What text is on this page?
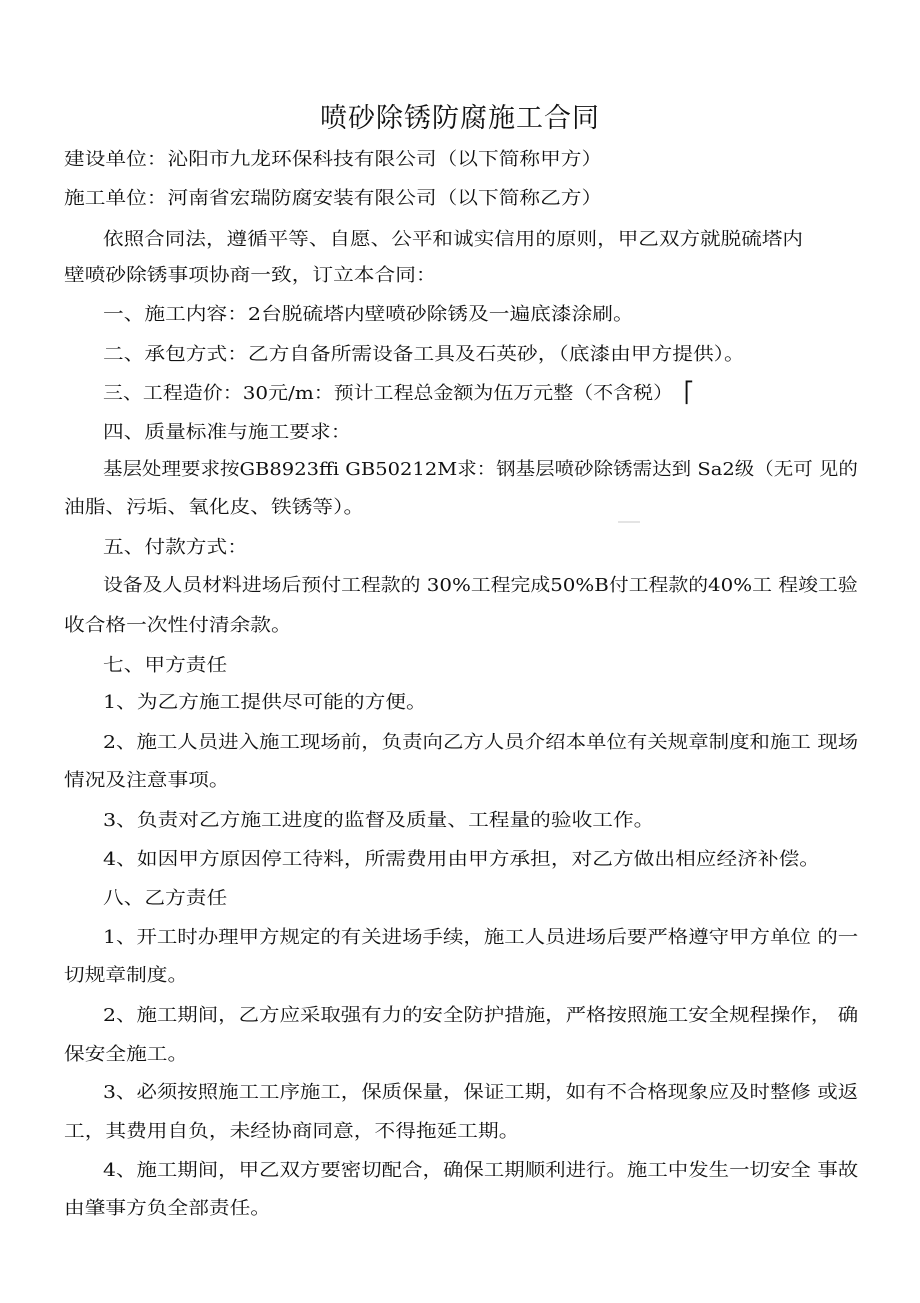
喷砂除锈防腐施工合同
建设单位：沁阳市九龙环保科技有限公司（以下简称甲方）
施工单位：河南省宏瑞防腐安装有限公司（以下简称乙方）
依照合同法，遵循平等、自愿、公平和诚实信用的原则，甲乙双方就脱硫塔内
壁喷砂除锈事项协商一致，订立本合同：
一、施工内容：2台脱硫塔内壁喷砂除锈及一遍底漆涂刷。
二、承包方式：乙方自备所需设备工具及石英砂，（底漆由甲方提供）。
三、工程造价：30元/m：预计工程总金额为伍万元整（不含税） ⎡
四、质量标准与施工要求：
基层处理要求按GB8923ffi GB50212M求：钢基层喷砂除锈需达到 Sa2级（无可 见的
油脂、污垢、氧化皮、铁锈等）。
五、付款方式：
设备及人员材料进场后预付工程款的 30%工程完成50%B付工程款的40%工 程竣工验
收合格一次性付清余款。
七、甲方责任
1、为乙方施工提供尽可能的方便。
2、施工人员进入施工现场前，负责向乙方人员介绍本单位有关规章制度和施工 现场
情况及注意事项。
3、负责对乙方施工进度的监督及质量、工程量的验收工作。
4、如因甲方原因停工待料，所需费用由甲方承担，对乙方做出相应经济补偿。
八、乙方责任
1、开工时办理甲方规定的有关进场手续，施工人员进场后要严格遵守甲方单位 的一
切规章制度。
2、施工期间，乙方应采取强有力的安全防护措施，严格按照施工安全规程操作， 确
保安全施工。
3、必须按照施工工序施工，保质保量，保证工期，如有不合格现象应及时整修 或返
工，其费用自负，未经协商同意，不得拖延工期。
4、施工期间，甲乙双方要密切配合，确保工期顺利进行。施工中发生一切安全 事故
由肇事方负全部责任。
